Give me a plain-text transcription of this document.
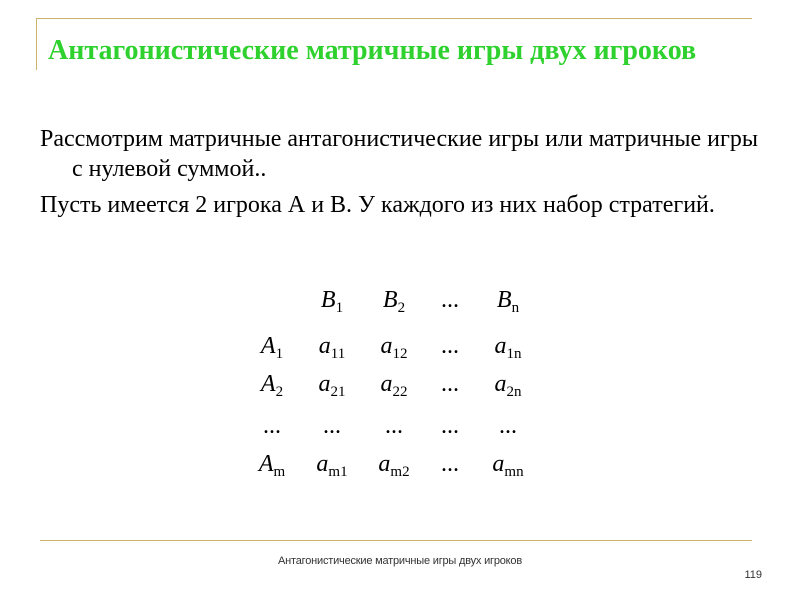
Антагонистические матричные игры двух игроков

Рассмотрим матричные антагонистические игры или матричные игры с нулевой суммой..

Пусть имеется 2 игрока А и В. У каждого из них набор стратегий.

$B_1$ $B_2$ ... $B_n$
$A_1$ $a_{11}$ $a_{12}$ ... $a_{1n}$
$A_2$ $a_{21}$ $a_{22}$ ... $a_{2n}$
... ... ... ... ...
$A_m$ $a_{m1}$ $a_{m2}$ ... $a_{mn}$
Антагонистические матричные игры двух игроков
119
